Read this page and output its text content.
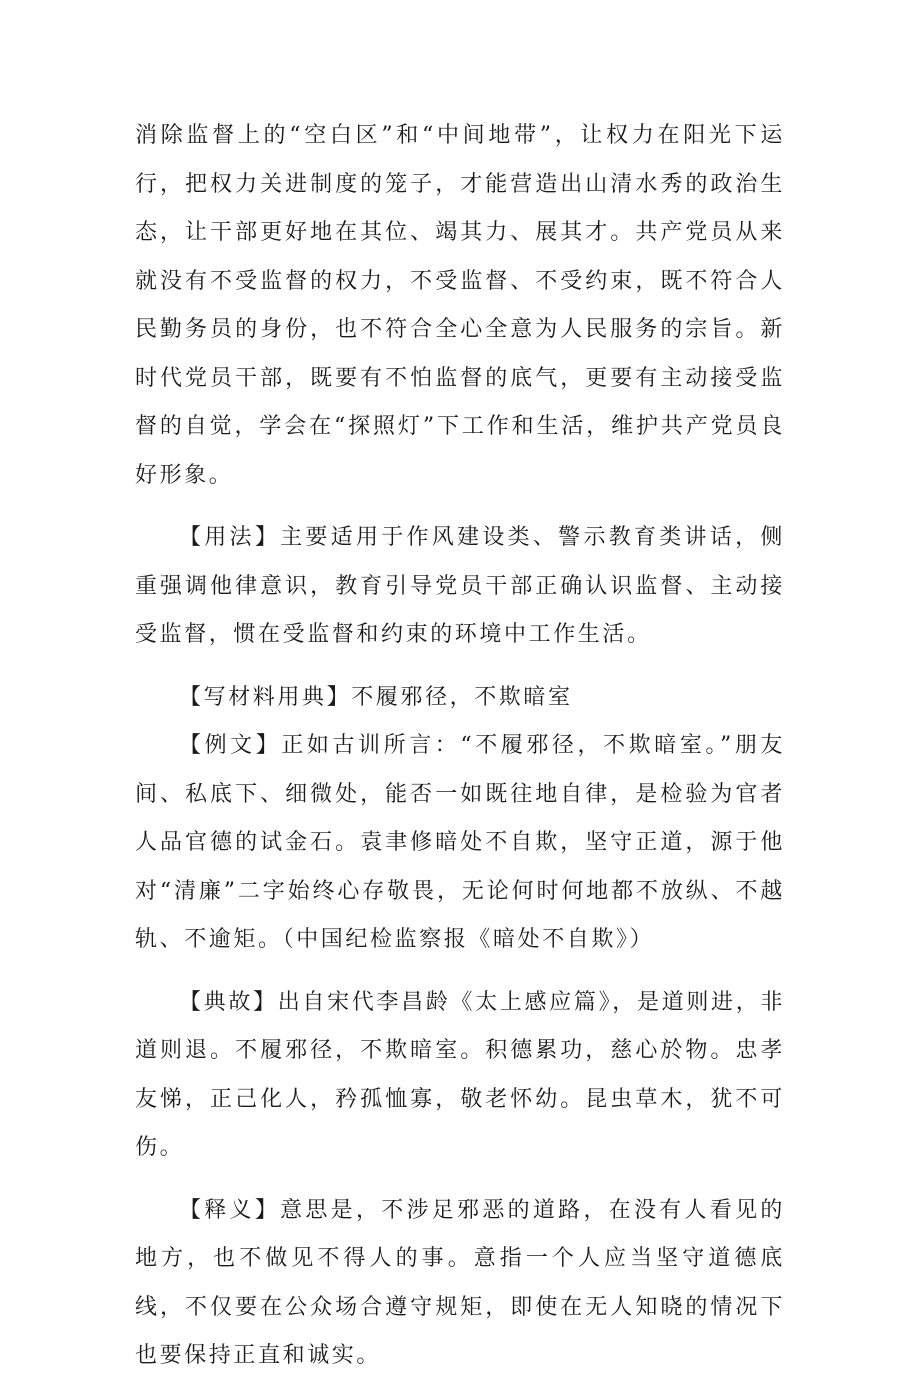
消除监督上的“空白区”和“中间地带”，让权力在阳光下运行，把权力关进制度的笼子，才能营造出山清水秀的政治生态，让干部更好地在其位、竭其力、展其才。共产党员从来就没有不受监督的权力，不受监督、不受约束，既不符合人民勤务员的身份，也不符合全心全意为人民服务的宗旨。新时代党员干部，既要有不怕监督的底气，更要有主动接受监督的自觉，学会在“探照灯”下工作和生活，维护共产党员良好形象。

【用法】主要适用于作风建设类、警示教育类讲话，侧重强调他律意识，教育引导党员干部正确认识监督、主动接受监督，惯在受监督和约束的环境中工作生活。

【写材料用典】不履邪径，不欺暗室

【例文】正如古训所言：“不履邪径，不欺暗室。”朋友间、私底下、细微处，能否一如既往地自律，是检验为官者人品官德的试金石。袁聿修暗处不自欺，坚守正道，源于他对“清廉”二字始终心存敬畏，无论何时何地都不放纵、不越轨、不逾矩。（中国纪检监察报《暗处不自欺》）

【典故】出自宋代李昌龄《太上感应篇》，是道则进，非道则退。不履邪径，不欺暗室。积德累功，慈心於物。忠孝友悌，正己化人，矜孤恤寡，敬老怀幼。昆虫草木，犹不可伤。

【释义】意思是，不涉足邪恶的道路，在没有人看见的地方，也不做见不得人的事。意指一个人应当坚守道德底线，不仅要在公众场合遵守规矩，即使在无人知晓的情况下也要保持正直和诚实。
